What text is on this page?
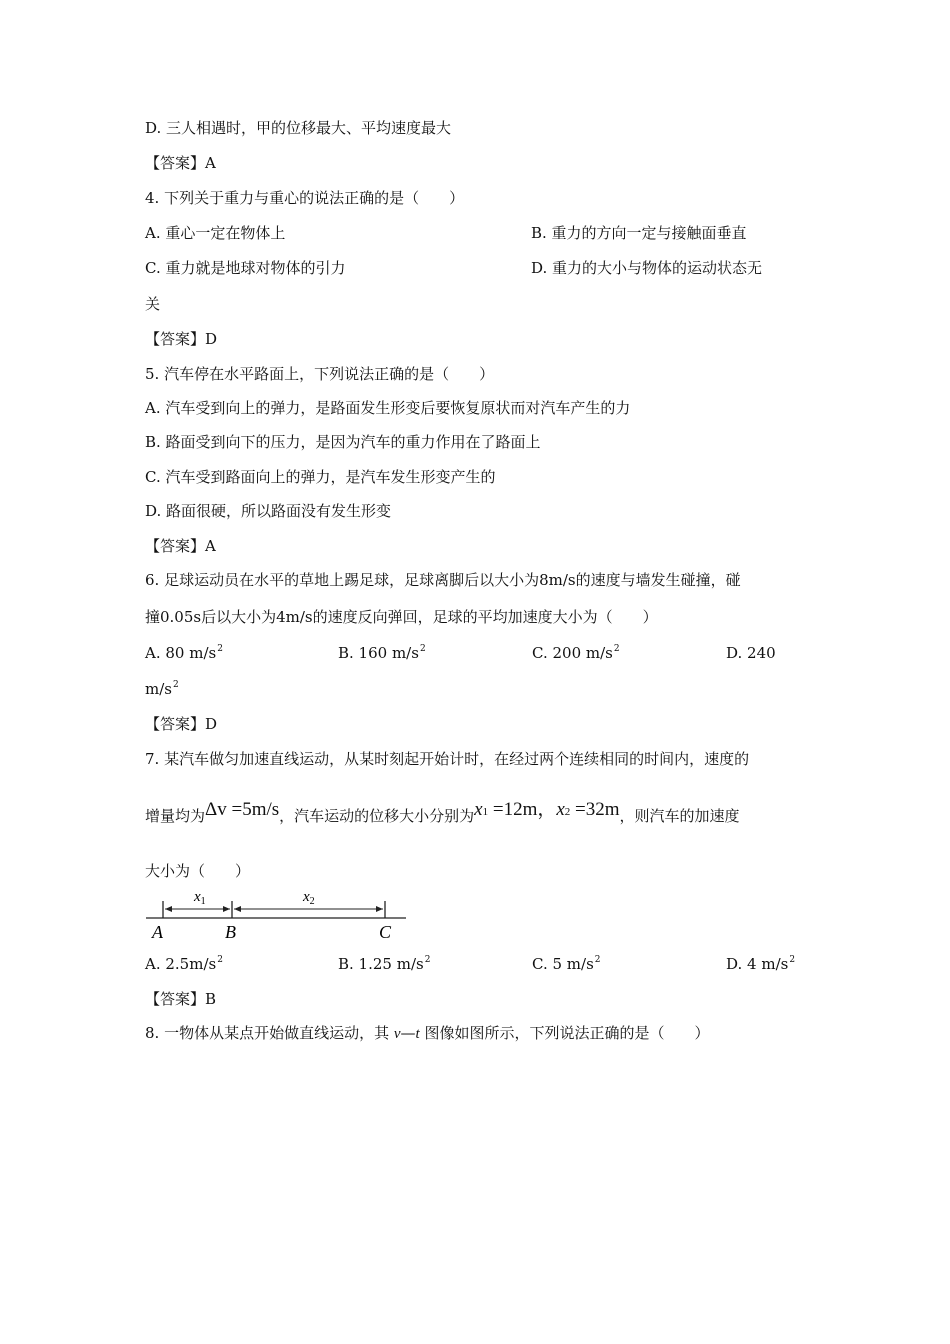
D. 三人相遇时，甲的位移最大、平均速度最大
【答案】A
4. 下列关于重力与重心的说法正确的是（　　）
A. 重心一定在物体上	B. 重力的方向一定与接触面垂直
C. 重力就是地球对物体的引力	D. 重力的大小与物体的运动状态无
关
【答案】D
5. 汽车停在水平路面上，下列说法正确的是（　　）
A. 汽车受到向上的弹力，是路面发生形变后要恢复原状而对汽车产生的力
B. 路面受到向下的压力，是因为汽车的重力作用在了路面上
C. 汽车受到路面向上的弹力，是汽车发生形变产生的
D. 路面很硬，所以路面没有发生形变
【答案】A
6. 足球运动员在水平的草地上踢足球，足球离脚后以大小为8m/s的速度与墙发生碰撞，碰
撞0.05s后以大小为4m/s的速度反向弹回，足球的平均加速度大小为（　　）
A. 80 $m/s^2$	B. 160 $m/s^2$	C. 200 $m/s^2$	D. 240
$m/s^2$
【答案】D
7. 某汽车做匀加速直线运动，从某时刻起开始计时，在经过两个连续相同的时间内，速度的
增量均为Δv =5m/s，汽车运动的位移大小分别为x1 =12m，x2 =32m，则汽车的加速度
大小为（　　）
$x_1$	$x_2$
A	B	C
A. $2.5m/s^2$	B. 1.25 $m/s^2$	C. 5 $m/s^2$	D. 4 $m/s^2$
【答案】B
8. 一物体从某点开始做直线运动，其 v—t 图像如图所示，下列说法正确的是（　　）
